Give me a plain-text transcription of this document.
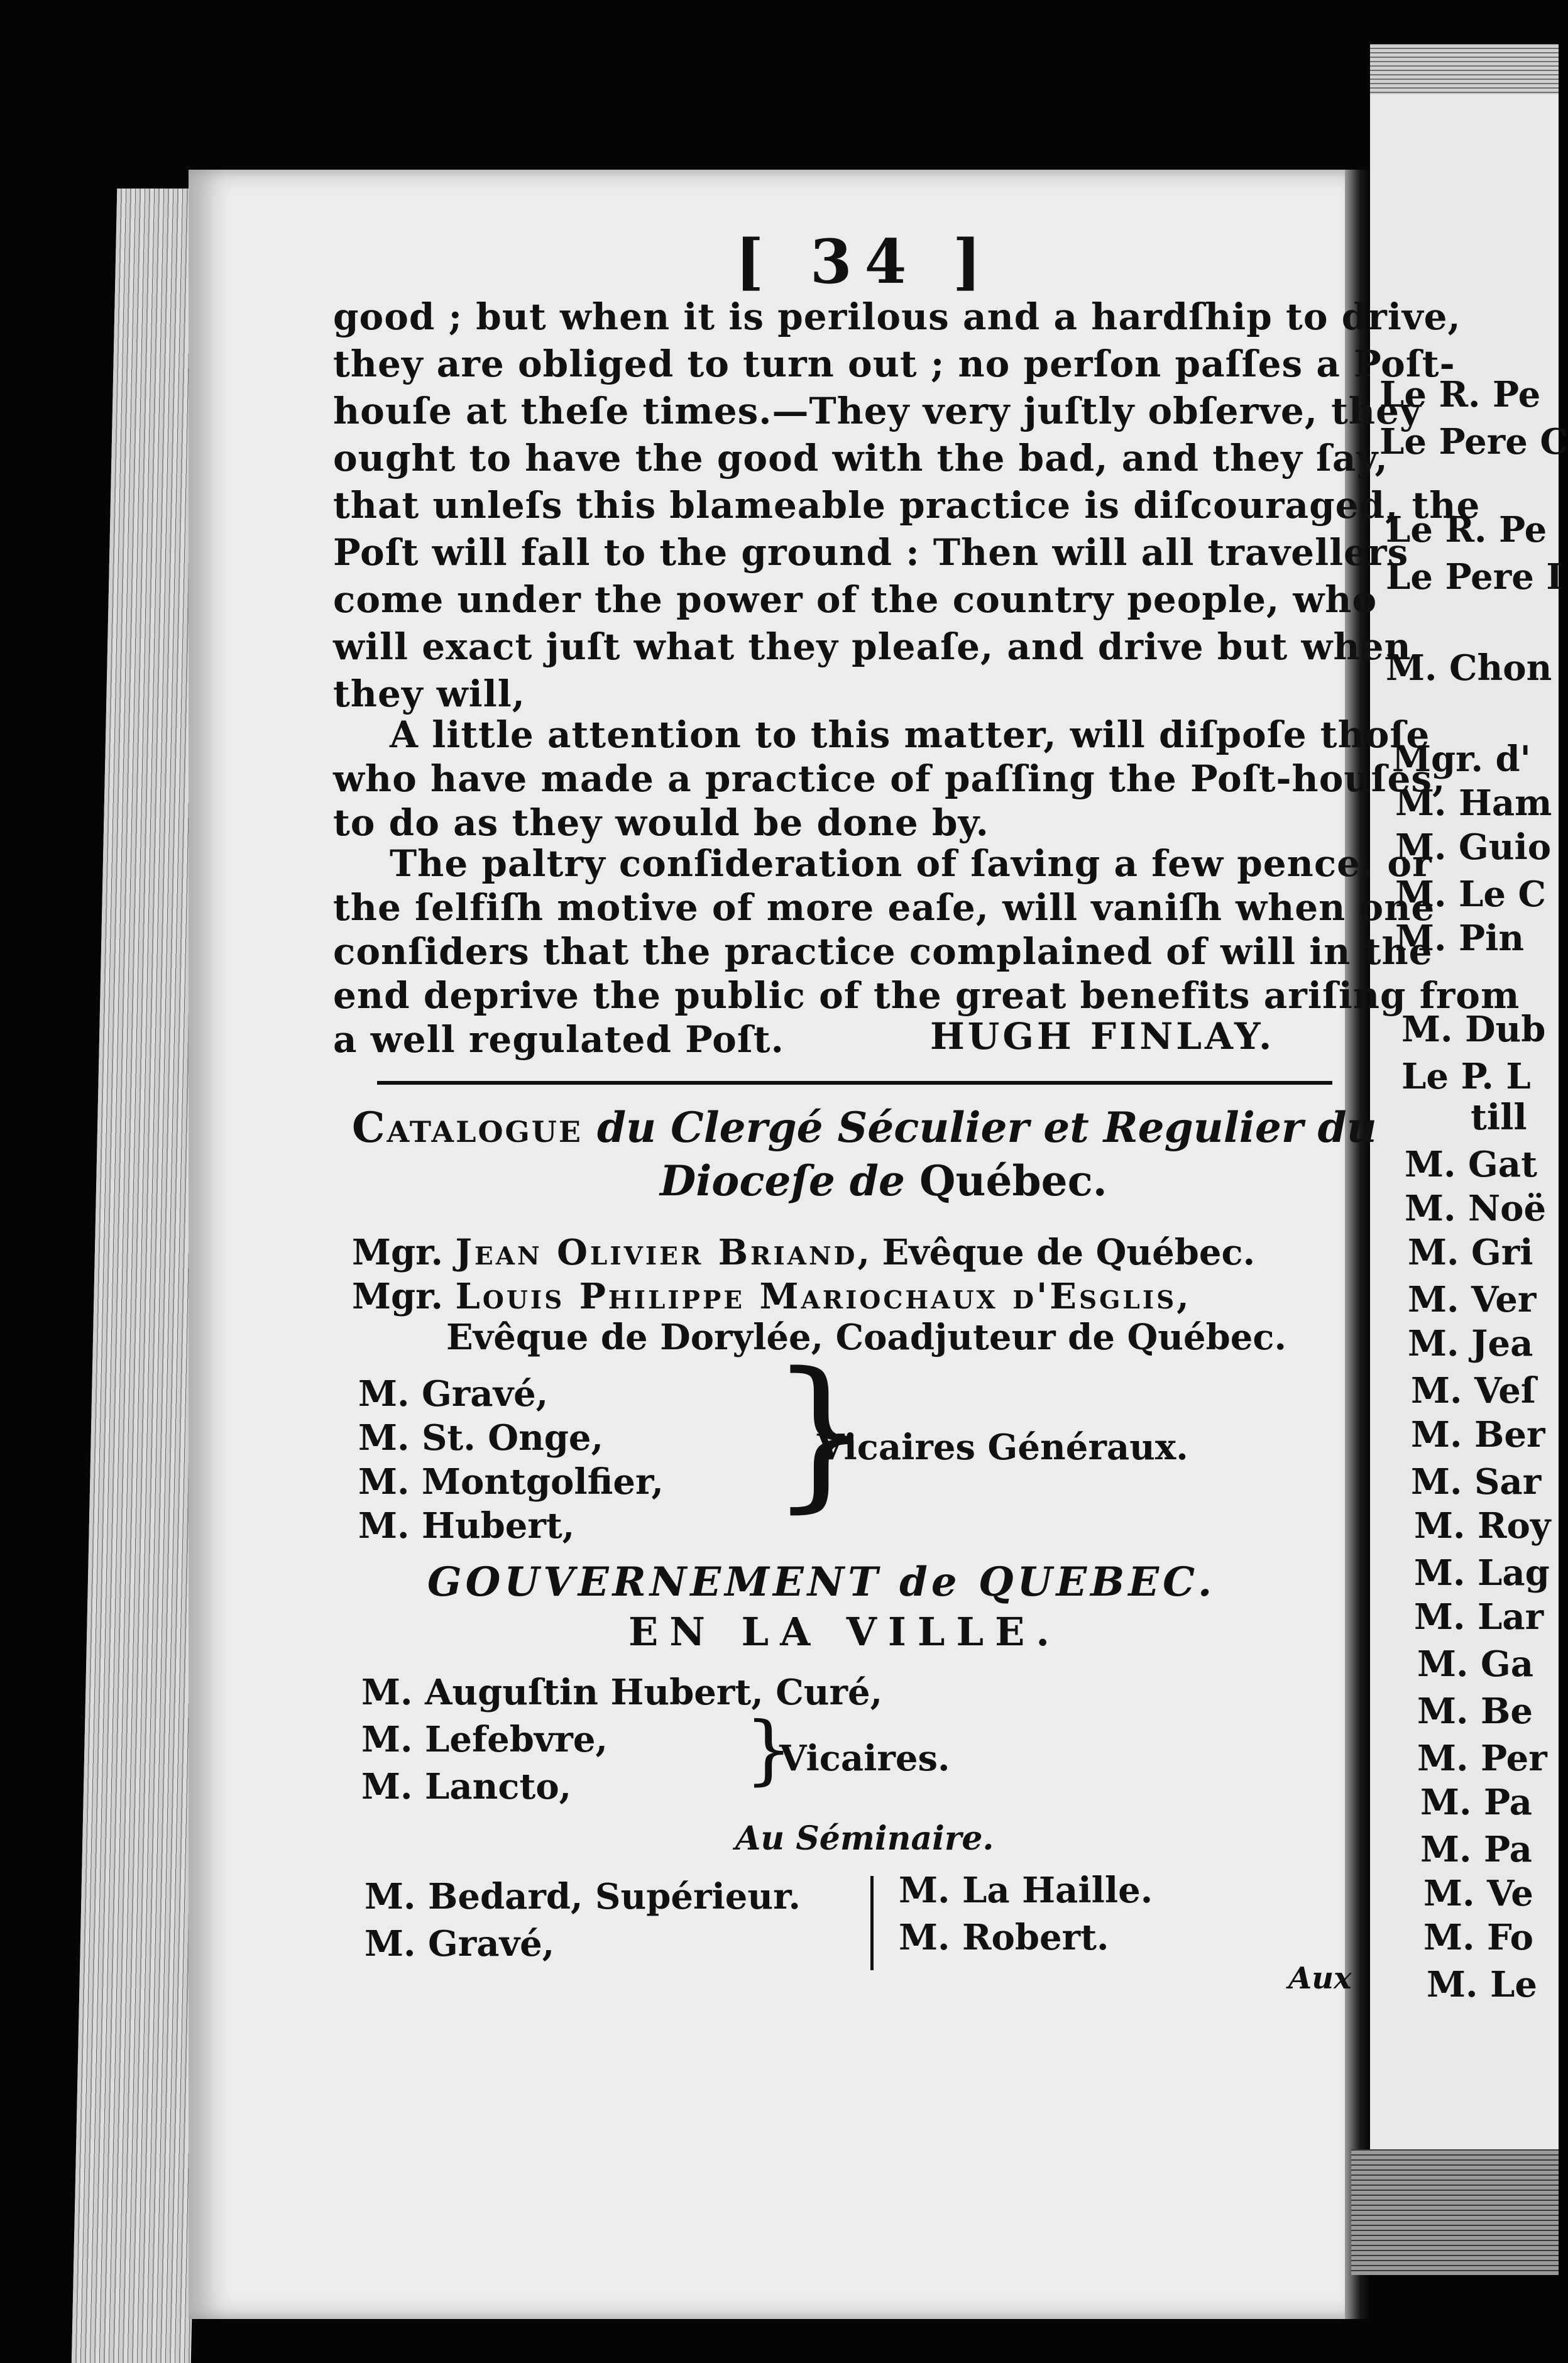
[ 34 ]
good ; but when it is perilous and a hardſhip to drive,
they are obliged to turn out ; no perſon paſſes a Poſt-
houſe at theſe times.—They very juſtly obſerve, they
ought to have the good with the bad, and they ſay,
that unleſs this blameable practice is diſcouraged, the
Poſt will fall to the ground : Then will all travellers
come under the power of the country people, who
will exact juſt what they pleaſe, and drive but when
they will,
A little attention to this matter, will diſpoſe thoſe
who have made a practice of paſſing the Poſt-houſes,
to do as they would be done by.
The paltry conſideration of ſaving a few pence, or
the ſelfiſh motive of more eaſe, will vaniſh when one
conſiders that the practice complained of will in the
end deprive the public of the great benefits ariſing from
a well regulated Poſt.	HUGH FINLAY.
Catalogue du Clergé Séculier et Regulier du
Dioceſe de Québec.
Mgr. Jean Olivier Briand, Evêque de Québec.
Mgr. Louis Philippe Mariochaux d'Esglis,
Evêque de Dorylée, Coadjuteur de Québec.
M. Gravé,
M. St. Onge,
M. Montgolfier,
M. Hubert, }
Vicaires Généraux.
GOUVERNEMENT de QUEBEC.
EN LA VILLE.
M. Auguſtin Hubert, Curé,
M. Lefebvre,
M. Lancto, }
Vicaires.
Au Séminaire.
M. Bedard, Supérieur.
M. Gravé,
M. La Haille.
M. Robert.
Aux
Le R. Pe
Le Pere C
Le R. Pe
Le Pere I
M. Chon
Mgr. d'
M. Ham
M. Guio
M. Le C
M. Pin
M. Dub
Le P. L
till
M. Gat
M. Noë
M. Gri
M. Ver
M. Jea
M. Veſ
M. Ber
M. Sar
M. Roy
M. Lag
M. Lar
M. Ga
M. Be
M. Per
M. Pa
M. Pa
M. Ve
M. Fo
M. Le
